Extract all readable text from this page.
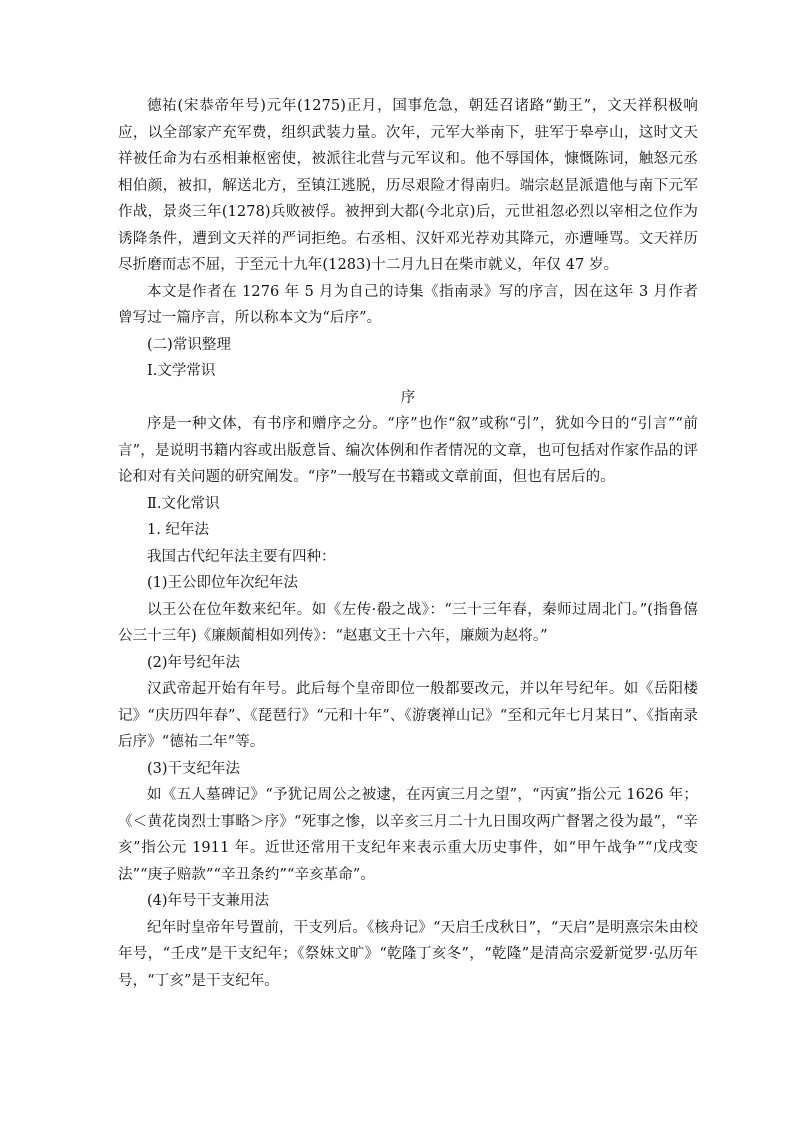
德祐(宋恭帝年号)元年(1275)正月，国事危急，朝廷召诸路“勤王”，文天祥积极响应，以全部家产充军费，组织武装力量。次年，元军大举南下，驻军于皋亭山，这时文天祥被任命为右丞相兼枢密使，被派往北营与元军议和。他不辱国体，慷慨陈词，触怒元丞相伯颜，被扣，解送北方，至镇江逃脱，历尽艰险才得南归。端宗赵昰派遣他与南下元军作战，景炎三年(1278)兵败被俘。被押到大都(今北京)后，元世祖忽必烈以宰相之位作为诱降条件，遭到文天祥的严词拒绝。右丞相、汉奸邓光荐劝其降元，亦遭唾骂。文天祥历尽折磨而志不屈，于至元十九年(1283)十二月九日在柴市就义，年仅 47 岁。

本文是作者在 1276 年 5 月为自己的诗集《指南录》写的序言，因在这年 3 月作者曾写过一篇序言，所以称本文为“后序”。

(二)常识整理

Ⅰ.文学常识

序

序是一种文体，有书序和赠序之分。“序”也作“叙”或称“引”，犹如今日的“引言”“前言”，是说明书籍内容或出版意旨、编次体例和作者情况的文章，也可包括对作家作品的评论和对有关问题的研究阐发。“序”一般写在书籍或文章前面，但也有居后的。

Ⅱ.文化常识

1. 纪年法

我国古代纪年法主要有四种：

(1)王公即位年次纪年法

以王公在位年数来纪年。如《左传·殽之战》：“三十三年春，秦师过周北门。”(指鲁僖公三十三年)《廉颇蔺相如列传》：“赵惠文王十六年，廉颇为赵将。”

(2)年号纪年法

汉武帝起开始有年号。此后每个皇帝即位一般都要改元，并以年号纪年。如《岳阳楼记》“庆历四年春”、《琵琶行》“元和十年”、《游褒禅山记》“至和元年七月某日”、《指南录后序》“德祐二年”等。

(3)干支纪年法

如《五人墓碑记》“予犹记周公之被逮，在丙寅三月之望”，“丙寅”指公元 1626 年；《＜黄花岗烈士事略＞序》“死事之惨，以辛亥三月二十九日围攻两广督署之役为最”，“辛亥”指公元 1911 年。近世还常用干支纪年来表示重大历史事件，如“甲午战争”“戊戌变法”“庚子赔款”“辛丑条约”“辛亥革命”。

(4)年号干支兼用法

纪年时皇帝年号置前，干支列后。《核舟记》“天启壬戌秋日”，“天启”是明熹宗朱由校年号，“壬戌”是干支纪年；《祭妹文旷》“乾隆丁亥冬”，“乾隆”是清高宗爱新觉罗·弘历年号，“丁亥”是干支纪年。
